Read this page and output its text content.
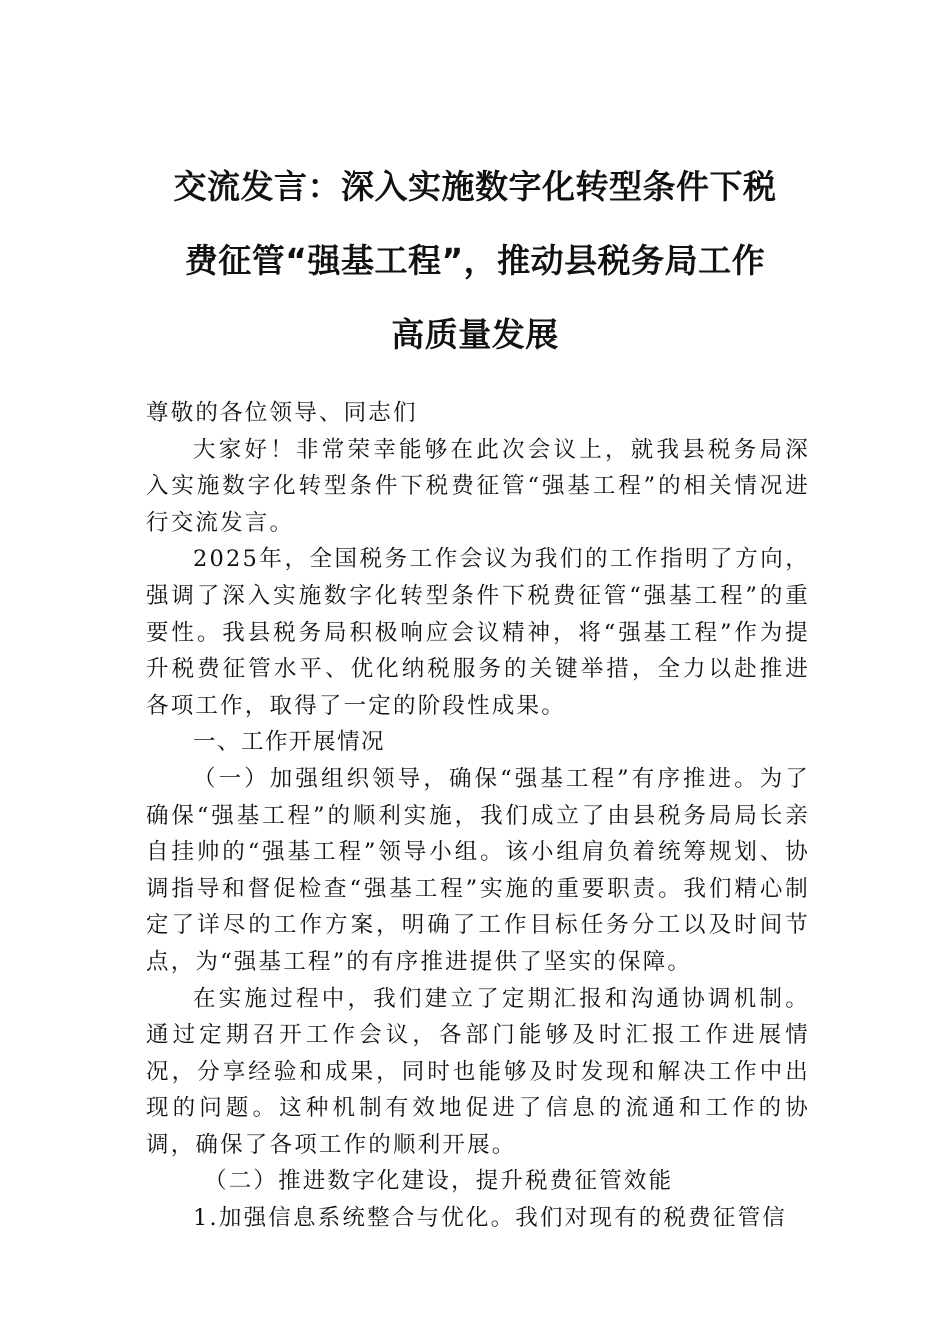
交流发言：深入实施数字化转型条件下税
费征管“强基工程”，推动县税务局工作
高质量发展

尊敬的各位领导、同志们

大家好！非常荣幸能够在此次会议上，就我县税务局深入实施数字化转型条件下税费征管“强基工程”的相关情况进行交流发言。

2025年，全国税务工作会议为我们的工作指明了方向，强调了深入实施数字化转型条件下税费征管“强基工程”的重要性。我县税务局积极响应会议精神，将“强基工程”作为提升税费征管水平、优化纳税服务的关键举措，全力以赴推进各项工作，取得了一定的阶段性成果。

一、工作开展情况

（一）加强组织领导，确保“强基工程”有序推进。为了确保“强基工程”的顺利实施，我们成立了由县税务局局长亲自挂帅的“强基工程”领导小组。该小组肩负着统筹规划、协调指导和督促检查“强基工程”实施的重要职责。我们精心制定了详尽的工作方案，明确了工作目标任务分工以及时间节点，为“强基工程”的有序推进提供了坚实的保障。

在实施过程中，我们建立了定期汇报和沟通协调机制。通过定期召开工作会议，各部门能够及时汇报工作进展情况，分享经验和成果，同时也能够及时发现和解决工作中出现的问题。这种机制有效地促进了信息的流通和工作的协调，确保了各项工作的顺利开展。

（二）推进数字化建设，提升税费征管效能

1.加强信息系统整合与优化。我们对现有的税费征管信
